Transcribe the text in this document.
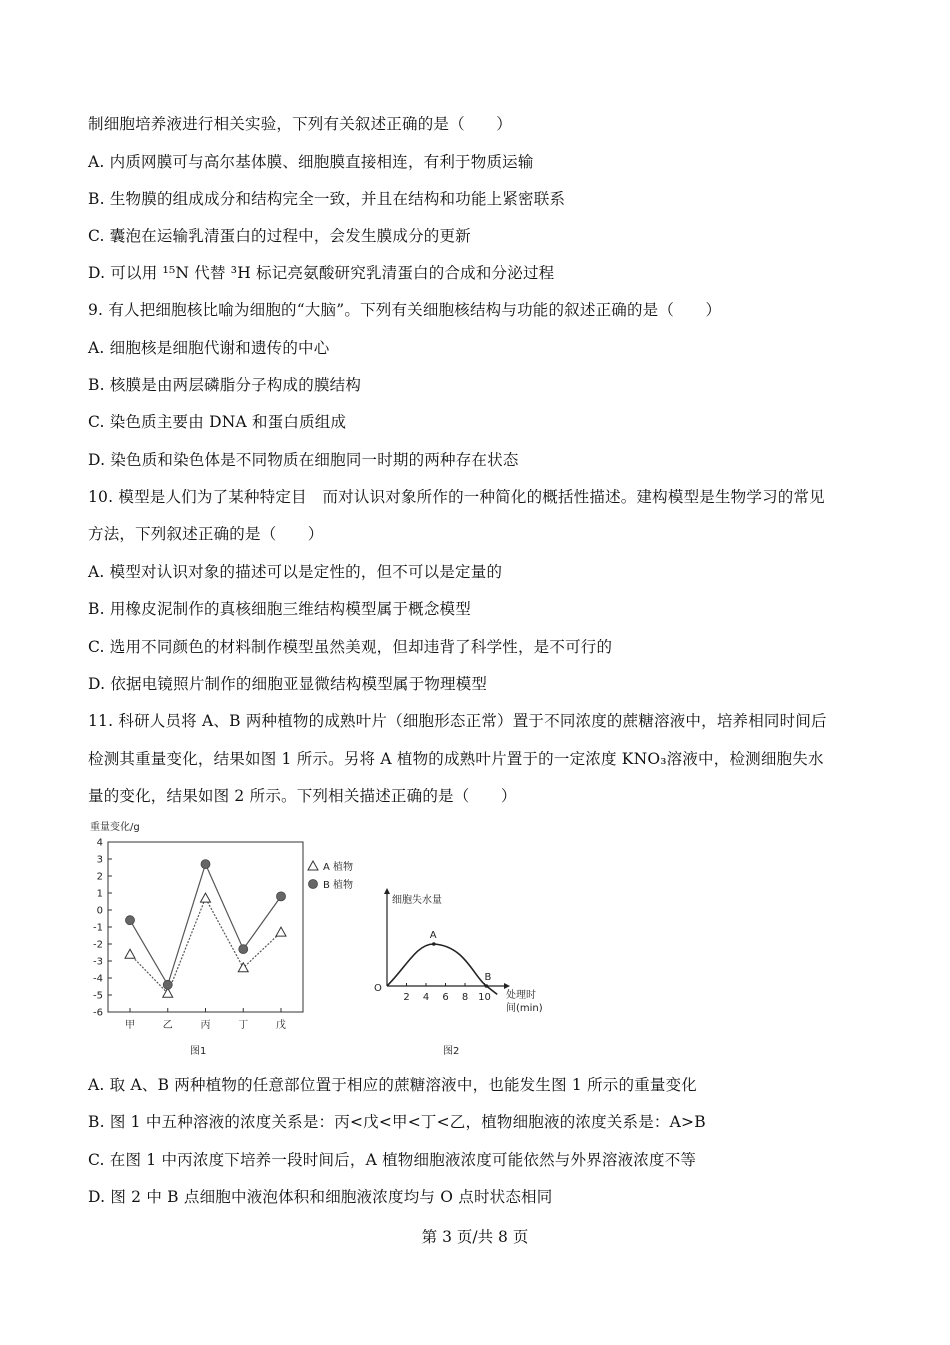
制细胞培养液进行相关实验，下列有关叙述正确的是（　　）
A. 内质网膜可与高尔基体膜、细胞膜直接相连，有利于物质运输
B. 生物膜的组成成分和结构完全一致，并且在结构和功能上紧密联系
C. 囊泡在运输乳清蛋白的过程中，会发生膜成分的更新
D. 可以用 ¹⁵N 代替 ³H 标记亮氨酸研究乳清蛋白的合成和分泌过程
9. 有人把细胞核比喻为细胞的“大脑”。下列有关细胞核结构与功能的叙述正确的是（　　）
A. 细胞核是细胞代谢和遗传的中心
B. 核膜是由两层磷脂分子构成的膜结构
C. 染色质主要由 DNA 和蛋白质组成
D. 染色质和染色体是不同物质在细胞同一时期的两种存在状态
10. 模型是人们为了某种特定目　而对认识对象所作的一种简化的概括性描述。建构模型是生物学习的常见
方法，下列叙述正确的是（　　）
A. 模型对认识对象的描述可以是定性的，但不可以是定量的
B. 用橡皮泥制作的真核细胞三维结构模型属于概念模型
C. 选用不同颜色的材料制作模型虽然美观，但却违背了科学性，是不可行的
D. 依据电镜照片制作的细胞亚显微结构模型属于物理模型
11. 科研人员将 A、B 两种植物的成熟叶片（细胞形态正常）置于不同浓度的蔗糖溶液中，培养相同时间后
检测其重量变化，结果如图 1 所示。另将 A 植物的成熟叶片置于的一定浓度 KNO₃溶液中，检测细胞失水
量的变化，结果如图 2 所示。下列相关描述正确的是（　　）
重量变化/g
4
3
2
1
0
-1
-2
-3
-4
-5
-6
甲	乙	丙	丁	戊
A 植物
B 植物
图1
细胞失水量
O
2 4 6 8 10
A
B
处理时
间(min)
图2
A. 取 A、B 两种植物的任意部位置于相应的蔗糖溶液中，也能发生图 1 所示的重量变化
B. 图 1 中五种溶液的浓度关系是：丙<戊<甲<丁<乙，植物细胞液的浓度关系是：A>B
C. 在图 1 中丙浓度下培养一段时间后，A 植物细胞液浓度可能依然与外界溶液浓度不等
D. 图 2 中 B 点细胞中液泡体积和细胞液浓度均与 O 点时状态相同
第 3 页/共 8 页
